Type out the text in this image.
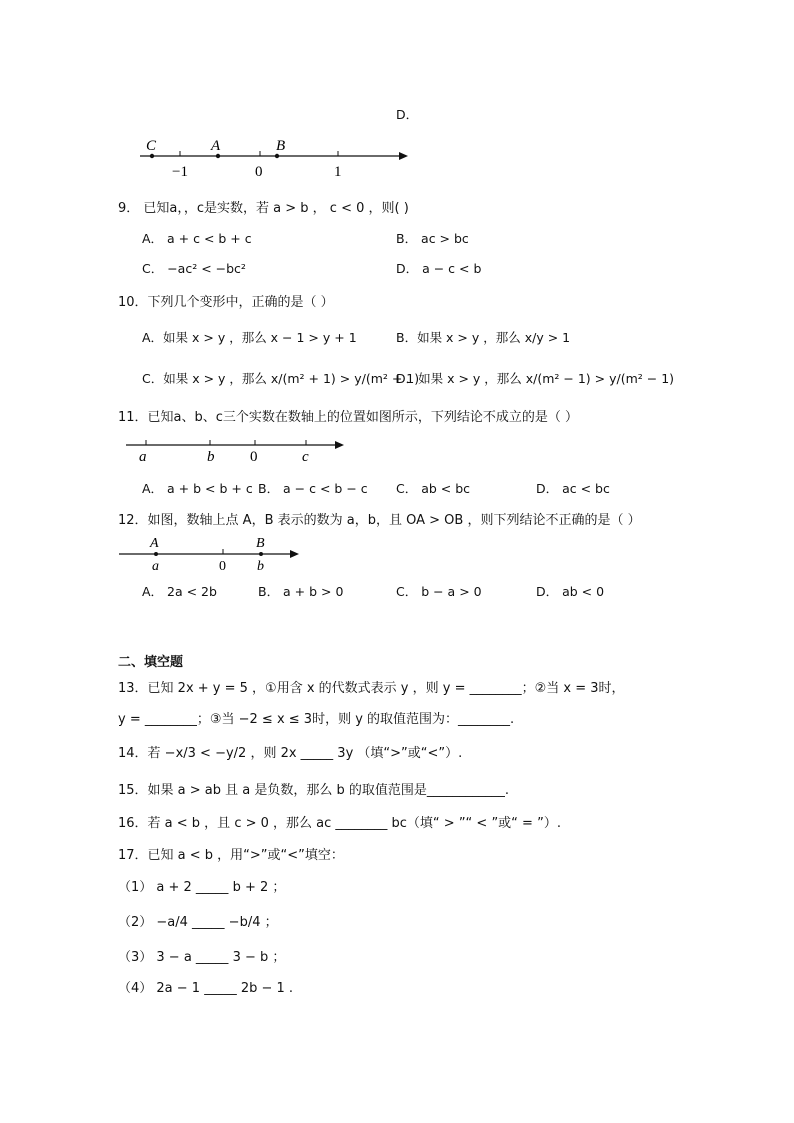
D．
C	A	B
−1	0	1
9． 已知a，，c是实数，若 a > b ， c < 0 ，则( )
A． a + c < b + c	B． ac > bc
C． −ac² < −bc²	D． a − c < b
10．下列几个变形中，正确的是（ ）
A．如果 x > y ，那么 x − 1 > y + 1	B．如果 x > y ，那么 x/y > 1
C．如果 x > y ，那么 x/(m² + 1) > y/(m² + 1)
D．如果 x > y ，那么 x/(m² − 1) > y/(m² − 1)
11．已知a、b、c三个实数在数轴上的位置如图所示，下列结论不成立的是（ ）
a	b 0	c
A． a + b < b + c B． a − c < b − c C． ab < bc	D． ac < bc
12．如图，数轴上点 A，B 表示的数为 a，b，且 OA > OB ，则下列结论不正确的是（ ）
A	B
a	0 b
A． 2a < 2b	B． a + b > 0	C． b − a > 0	D． ab < 0
二、填空题
13．已知 2x + y = 5 ，①用含 x 的代数式表示 y ，则 y = ________；②当 x = 3时，
y = ________；③当 −2 ≤ x ≤ 3时，则 y 的取值范围为：________.
14．若 −x/3 < −y/2 ，则 2x _____ 3y （填“>”或“<”）.
15．如果 a > ab 且 a 是负数，那么 b 的取值范围是____________.
16．若 a < b ，且 c > 0 ，那么 ac ________ bc（填“ > ”“ < ”或“ = ”）.
17．已知 a < b ，用“>”或“<”填空：
（1） a + 2 _____ b + 2 ；
（2） −a/4 _____ −b/4 ；
（3） 3 − a _____ 3 − b ；
（4） 2a − 1 _____ 2b − 1 .
